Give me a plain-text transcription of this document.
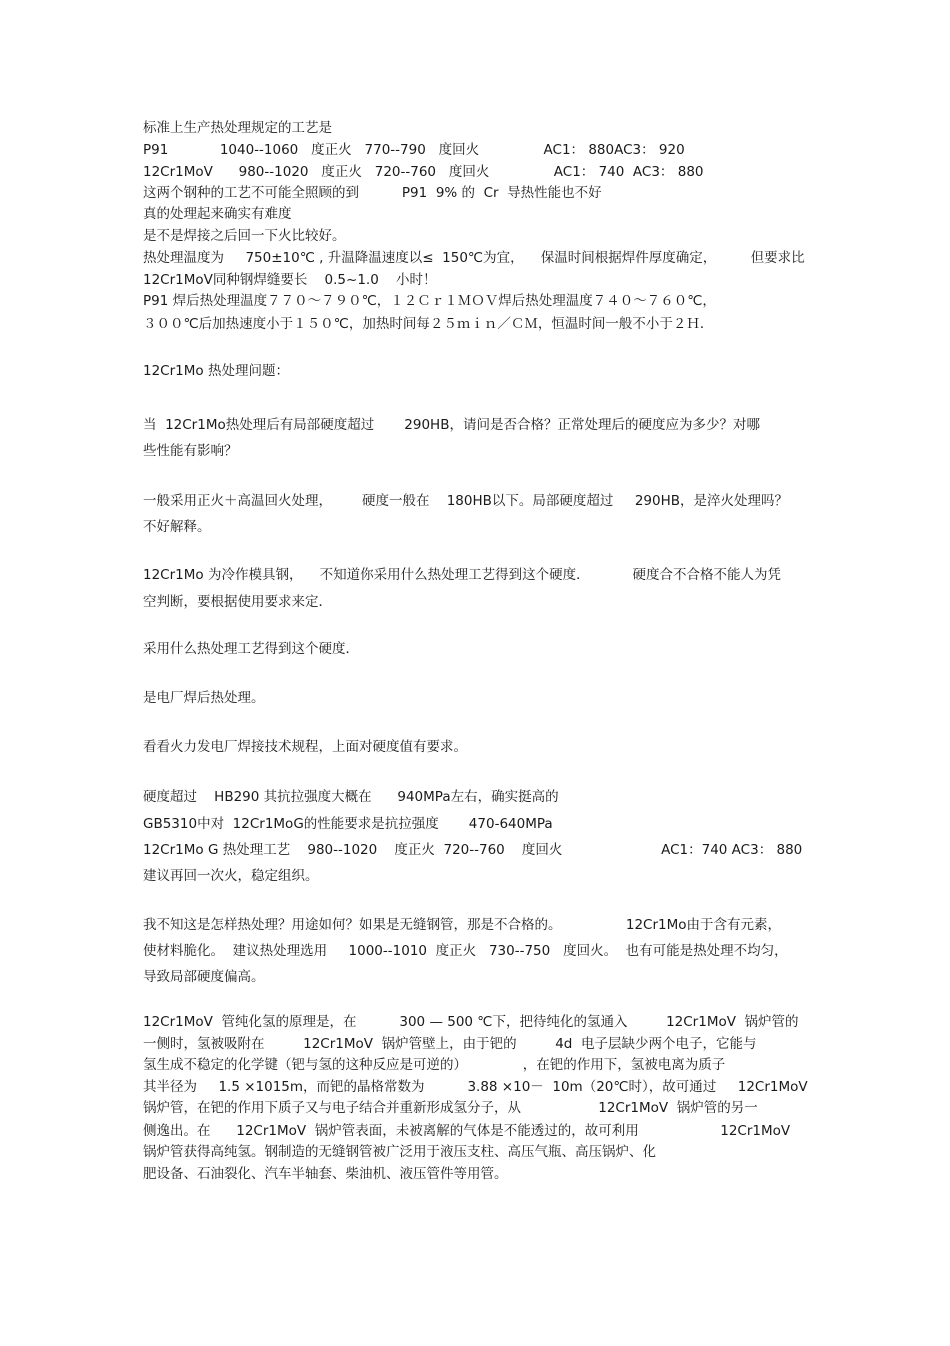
标准上生产热处理规定的工艺是
P91            1040--1060   度正火   770--790   度回火               AC1： 880AC3： 920
12Cr1MoV      980--1020   度正火   720--760   度回火               AC1： 740  AC3： 880
这两个钢种的工艺不可能全照顾的到          P91  9% 的  Cr  导热性能也不好
真的处理起来确实有难度
是不是焊接之后回一下火比较好。
热处理温度为     750±10℃ , 升温降温速度以≤  150℃为宜，    保温时间根据焊件厚度确定，        但要求比
12Cr1MoV同种钢焊缝要长    0.5~1.0    小时！
P91 焊后热处理温度７７０～７９０℃，１２Ｃｒ１ＭＯＶ焊后热处理温度７４０～７６０℃，
３００℃后加热速度小于１５０℃，加热时间每２５ｍｉｎ／ＣＭ，恒温时间一般不小于２Ｈ．
12Cr1Mo 热处理问题：
当  12Cr1Mo热处理后有局部硬度超过       290HB，请问是否合格？正常处理后的硬度应为多少？对哪
些性能有影响？
一般采用正火＋高温回火处理，       硬度一般在    180HB以下。局部硬度超过     290HB，是淬火处理吗？
不好解释。
12Cr1Mo 为冷作模具钢，    不知道你采用什么热处理工艺得到这个硬度．          硬度合不合格不能人为凭
空判断，要根据使用要求来定．
采用什么热处理工艺得到这个硬度．
是电厂焊后热处理。
看看火力发电厂焊接技术规程，上面对硬度值有要求。
硬度超过    HB290 其抗拉强度大概在      940MPa左右，确实挺高的
GB5310中对  12Cr1MoG的性能要求是抗拉强度       470-640MPa
12Cr1Mo G 热处理工艺    980--1020    度正火  720--760    度回火                       AC1：740 AC3： 880
建议再回一次火，稳定组织。
我不知这是怎样热处理？用途如何？如果是无缝钢管，那是不合格的。               12Cr1Mo由于含有元素，
使材料脆化。  建议热处理选用     1000--1010  度正火   730--750   度回火。  也有可能是热处理不均匀，
导致局部硬度偏高。
12Cr1MoV  管纯化氢的原理是，在          300 — 500 ℃下，把待纯化的氢通入         12Cr1MoV  锅炉管的
一侧时，氢被吸附在         12Cr1MoV  锅炉管壁上，由于钯的         4d  电子层缺少两个电子，它能与
氢生成不稳定的化学键（钯与氢的这种反应是可逆的）             ，在钯的作用下，氢被电离为质子
其半径为     1.5 ×1015m，而钯的晶格常数为          3.88 ×10－  10m（20℃时），故可通过     12Cr1MoV
锅炉管，在钯的作用下质子又与电子结合并重新形成氢分子，从                  12Cr1MoV  锅炉管的另一
侧逸出。在      12Cr1MoV  锅炉管表面，未被离解的气体是不能透过的，故可利用                   12Cr1MoV
锅炉管获得高纯氢。钢制造的无缝钢管被广泛用于液压支柱、高压气瓶、高压锅炉、化
肥设备、石油裂化、汽车半轴套、柴油机、液压管件等用管。
